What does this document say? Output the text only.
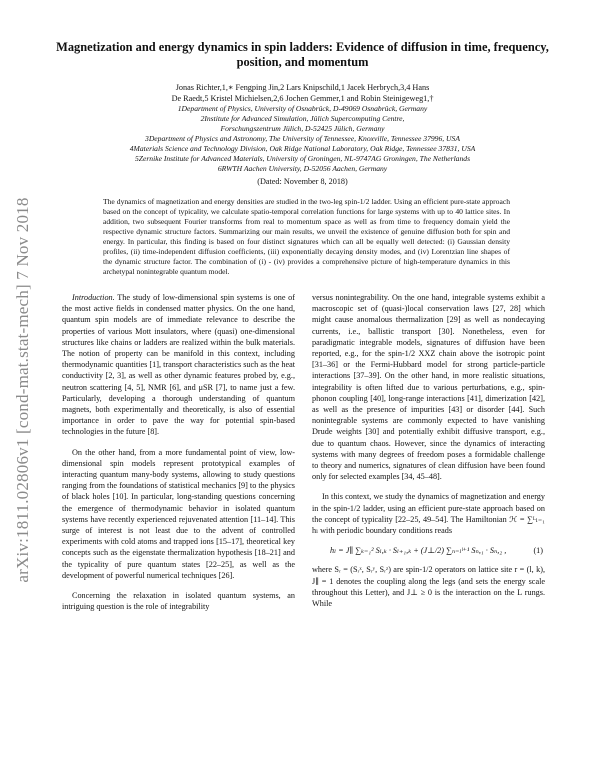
arXiv:1811.02806v1 [cond-mat.stat-mech] 7 Nov 2018
Magnetization and energy dynamics in spin ladders: Evidence of diffusion in time, frequency, position, and momentum
Jonas Richter,1,∗ Fengping Jin,2 Lars Knipschild,1 Jacek Herbrych,3,4 Hans
De Raedt,5 Kristel Michielsen,2,6 Jochen Gemmer,1 and Robin Steinigeweg1,†
1Department of Physics, University of Osnabrück, D-49069 Osnabrück, Germany
2Institute for Advanced Simulation, Jülich Supercomputing Centre,
Forschungszentrum Jülich, D-52425 Jülich, Germany
3Department of Physics and Astronomy, The University of Tennessee, Knoxville, Tennessee 37996, USA
4Materials Science and Technology Division, Oak Ridge National Laboratory, Oak Ridge, Tennessee 37831, USA
5Zernike Institute for Advanced Materials, University of Groningen, NL-9747AG Groningen, The Netherlands
6RWTH Aachen University, D-52056 Aachen, Germany
(Dated: November 8, 2018)
The dynamics of magnetization and energy densities are studied in the two-leg spin-1/2 ladder. Using an efficient pure-state approach based on the concept of typicality, we calculate spatio-temporal correlation functions for large systems with up to 40 lattice sites. In addition, two subsequent Fourier transforms from real to momentum space as well as from time to frequency domain yield the respective dynamic structure factors. Summarizing our main results, we unveil the existence of genuine diffusion both for spin and energy. In particular, this finding is based on four distinct signatures which can all be equally well detected: (i) Gaussian density profiles, (ii) time-independent diffusion coefficients, (iii) exponentially decaying density modes, and (iv) Lorentzian line shapes of the dynamic structure factor. The combination of (i) - (iv) provides a comprehensive picture of high-temperature dynamics in this archetypal nonintegrable quantum model.

Introduction. The study of low-dimensional spin systems is one of the most active fields in condensed matter physics. On the one hand, quantum spin models are of immediate relevance to describe the properties of various Mott insulators, where (quasi) one-dimensional structures like chains or ladders are realized within the bulk materials. The notion of property can be manifold in this context, including thermodynamic quantities [1], transport characteristics such as the heat conductivity [2, 3], as well as other dynamic features probed by, e.g., neutron scattering [4, 5], NMR [6], and μSR [7], to name just a few. Particularly, developing a thorough understanding of quantum magnets, both experimentally and theoretically, is also of essential importance in order to pave the way for potential spin-based technologies in the future [8].

On the other hand, from a more fundamental point of view, low-dimensional spin models represent prototypical examples of interacting quantum many-body systems, allowing to study questions ranging from the foundations of statistical mechanics [9] to the physics of black holes [10]. In particular, long-standing questions concerning the emergence of thermodynamic behavior in isolated quantum systems have recently experienced rejuvenated attention [11–14]. This surge of interest is not least due to the advent of controlled experiments with cold atoms and trapped ions [15–17], theoretical key concepts such as the eigenstate thermalization hypothesis [18–21] and the typicality of pure quantum states [22–25], as well as the development of powerful numerical techniques [26].

Concerning the relaxation in isolated quantum systems, an intriguing question is the role of integrability

versus nonintegrability. On the one hand, integrable systems exhibit a macroscopic set of (quasi-)local conservation laws [27, 28] which might cause anomalous thermalization [29] as well as nondecaying currents, i.e., ballistic transport [30]. Nonetheless, even for paradigmatic integrable models, signatures of diffusion have been reported, e.g., for the spin-1/2 XXZ chain above the isotropic point [31–36] or the Fermi-Hubbard model for strong particle-particle interactions [37–39]. On the other hand, in more realistic situations, integrability is often lifted due to various perturbations, e.g., spin-phonon coupling [40], long-range interactions [41], dimerization [42], as well as the presence of impurities [43] or disorder [44]. Such nonintegrable systems are commonly expected to have vanishing Drude weights [30] and potentially exhibit diffusive transport, e.g., due to quantum chaos. However, since the dynamics of interacting systems with many degrees of freedom poses a formidable challenge to theory and numerics, signatures of clean diffusion have been found only for selected examples [34, 45–48].

In this context, we study the dynamics of magnetization and energy in the spin-1/2 ladder, using an efficient pure-state approach based on the concept of typicality [22–25, 49–54]. The Hamiltonian ℋ = ∑ᴸₗ₌₁ hₗ with periodic boundary conditions reads

hₗ = J∥ ∑ₖ₌₁² Sₗ,ₖ · Sₗ₊₁,ₖ + (J⊥/2) ∑ₙ₌ₗˡ⁺¹ Sₙ,₁ · Sₙ,₂ ,	(1)

where Sᵣ = (Sᵣˣ, Sᵣʸ, Sᵣᶻ) are spin-1/2 operators on lattice site r = (l, k), J∥ = 1 denotes the coupling along the legs (and sets the energy scale throughout this Letter), and J⊥ ≥ 0 is the interaction on the L rungs. While
